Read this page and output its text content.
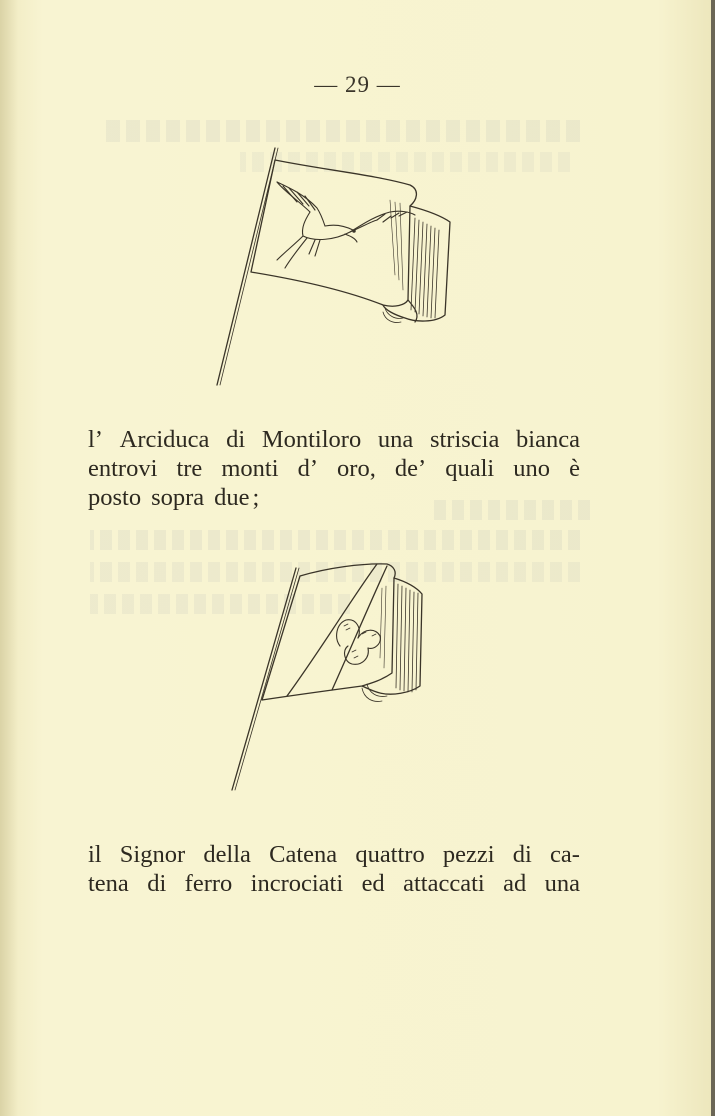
— 29 —
l’ Arciduca di Montiloro una striscia bianca
entrovi tre monti d’ oro, de’ quali uno è
posto sopra due ;
il Signor della Catena quattro pezzi di ca-
tena di ferro incrociati ed attaccati ad una
